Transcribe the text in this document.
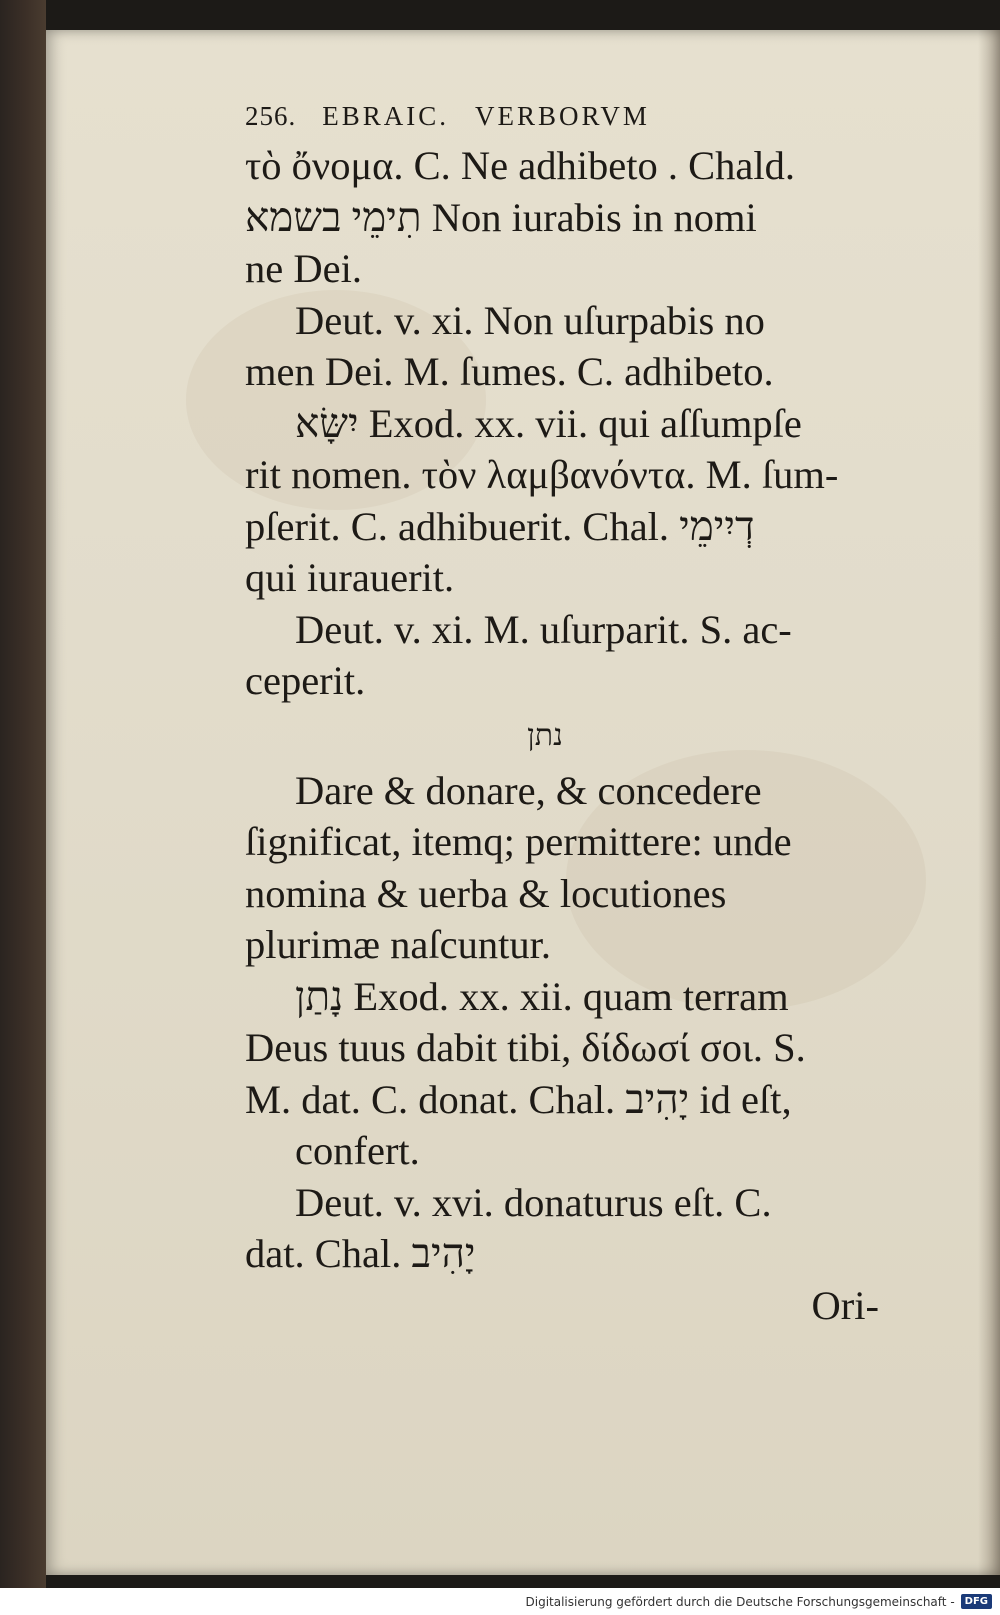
256. EBRAIC. VERBORVM
τὸ ὄνομα. C. Ne adhibeto . Chald.
תִימֵי בשמא Non iurabis in nomi
ne Dei.
Deut. v. xi. Non uſurpabis no
men Dei. M. ſumes. C. adhibeto.
יִשָּׂא Exod. xx. vii. qui aſſumpſe
rit nomen. τὸν λαμβανόντα. M. ſum-
pſerit. C. adhibuerit. Chal. דְיִימֵי
qui iurauerit.
Deut. v. xi. M. uſurparit. S. ac-
ceperit.
נתן
Dare & donare, & concedere
ſignificat, itemq; permittere: unde
nomina & uerba & locutiones
plurimæ naſcuntur.
נָתַן Exod. xx. xii. quam terram
Deus tuus dabit tibi, δίδωσί σοι. S.
M. dat. C. donat. Chal. יָהִיב id eſt,
confert.
Deut. v. xvi. donaturus eſt. C.
dat. Chal. יָהִיב
Ori-
Digitalisierung gefördert durch die Deutsche Forschungsgemeinschaft -	DFG
